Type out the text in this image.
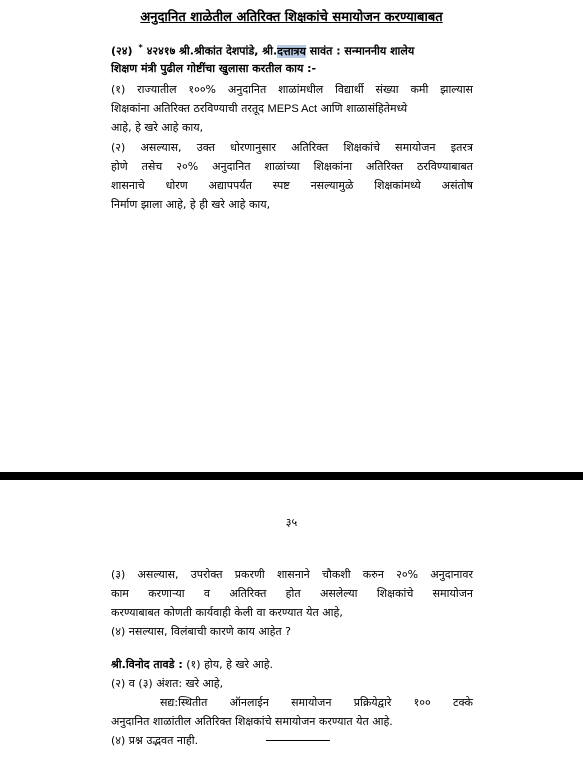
अनुदानित शाळेतील अतिरिक्त शिक्षकांचे समायोजन करण्याबाबत
(२४) * ४२४१७ श्री.श्रीकांत देशपांडे, श्री.दत्तात्रय सावंत : सन्माननीय शालेय
शिक्षण मंत्री पुढील गोष्टींचा खुलासा करतील काय :-
(१) राज्यातील १००% अनुदानित शाळांमधील विद्यार्थी संख्या कमी झाल्यास
शिक्षकांना अतिरिक्त ठरविण्याची तरतूद MEPS Act आणि शाळासंहितेमध्ये
आहे, हे खरे आहे काय,
(२) असल्यास, उक्त धोरणानुसार अतिरिक्त शिक्षकांचे समायोजन इतरत्र
होणे तसेच २०% अनुदानित शाळांच्या शिक्षकांना अतिरिक्त ठरविण्याबाबत
शासनाचे धोरण अद्यापपर्यंत स्पष्ट नसल्यामुळे शिक्षकांमध्ये असंतोष
निर्माण झाला आहे, हे ही खरे आहे काय,
३५
(३) असल्यास, उपरोक्त प्रकरणी शासनाने चौकशी करुन २०% अनुदानावर
काम करणाऱ्या व अतिरिक्त होत असलेल्या शिक्षकांचे समायोजन
करण्याबाबत कोणती कार्यवाही केली वा करण्यात येत आहे,
(४) नसल्यास, विलंबाची कारणे काय आहेत ?
श्री.विनोद तावडे : (१) होय, हे खरे आहे.
(२) व (३) अंशत: खरे आहे,
सद्य:स्थितीत ऑनलाईन समायोजन प्रक्रियेद्वारे १०० टक्के
अनुदानित शाळांतील अतिरिक्त शिक्षकांचे समायोजन करण्यात येत आहे.
(४) प्रश्न उद्भवत नाही.
